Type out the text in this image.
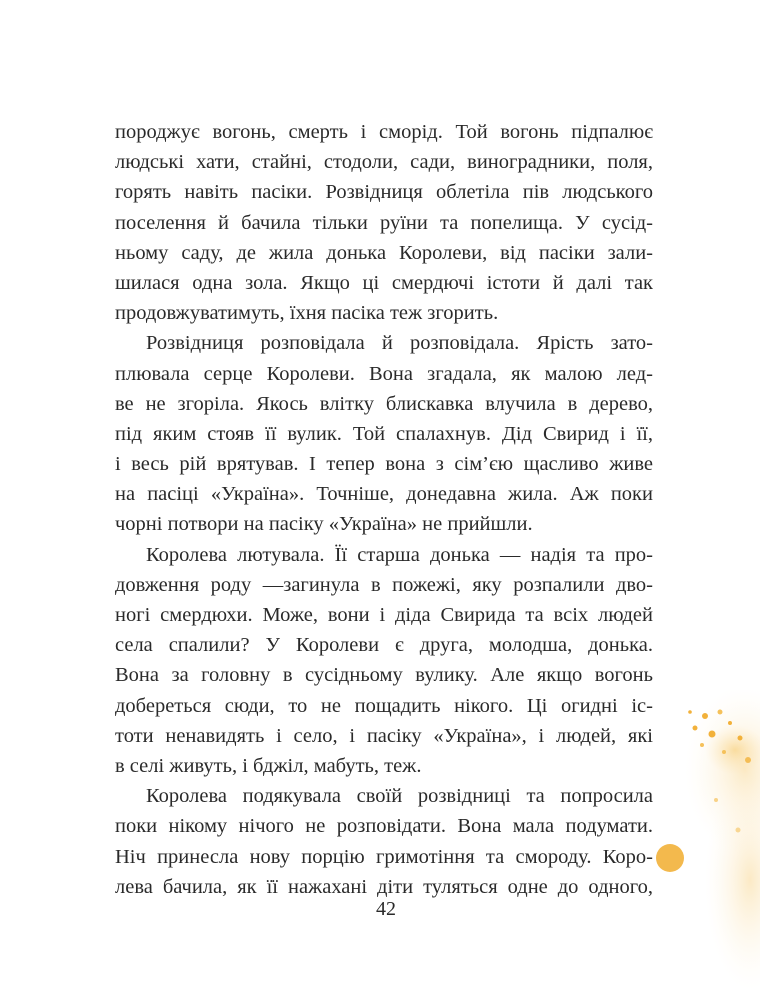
породжує вогонь, смерть і сморід. Той вогонь підпалює
людські хати, стайні, стодоли, сади, виноградники, поля,
горять навіть пасіки. Розвідниця облетіла пів людського
поселення й бачила тільки руїни та попелища. У сусід-
ньому саду, де жила донька Королеви, від пасіки зали-
шилася одна зола. Якщо ці смердючі істоти й далі так
продовжуватимуть, їхня пасіка теж згорить.
Розвідниця розповідала й розповідала. Ярість зато-
плювала серце Королеви. Вона згадала, як малою лед-
ве не згоріла. Якось влітку блискавка влучила в дерево,
під яким стояв її вулик. Той спалахнув. Дід Свирид і її,
і весь рій врятував. І тепер вона з сім’єю щасливо живе
на пасіці «Україна». Точніше, донедавна жила. Аж поки
чорні потвори на пасіку «Україна» не прийшли.
Королева лютувала. Її старша донька — надія та про-
довження роду —загинула в пожежі, яку розпалили дво-
ногі смердюхи. Може, вони і діда Свирида та всіх людей
села спалили? У Королеви є друга, молодша, донька.
Вона за головну в сусідньому вулику. Але якщо вогонь
добереться сюди, то не пощадить нікого. Ці огидні іс-
тоти ненавидять і село, і пасіку «Україна», і людей, які
в селі живуть, і бджіл, мабуть, теж.
Королева подякувала своїй розвідниці та попросила
поки нікому нічого не розповідати. Вона мала подумати.
Ніч принесла нову порцію гримотіння та смороду. Коро-
лева бачила, як її нажахані діти туляться одне до одного,
42
